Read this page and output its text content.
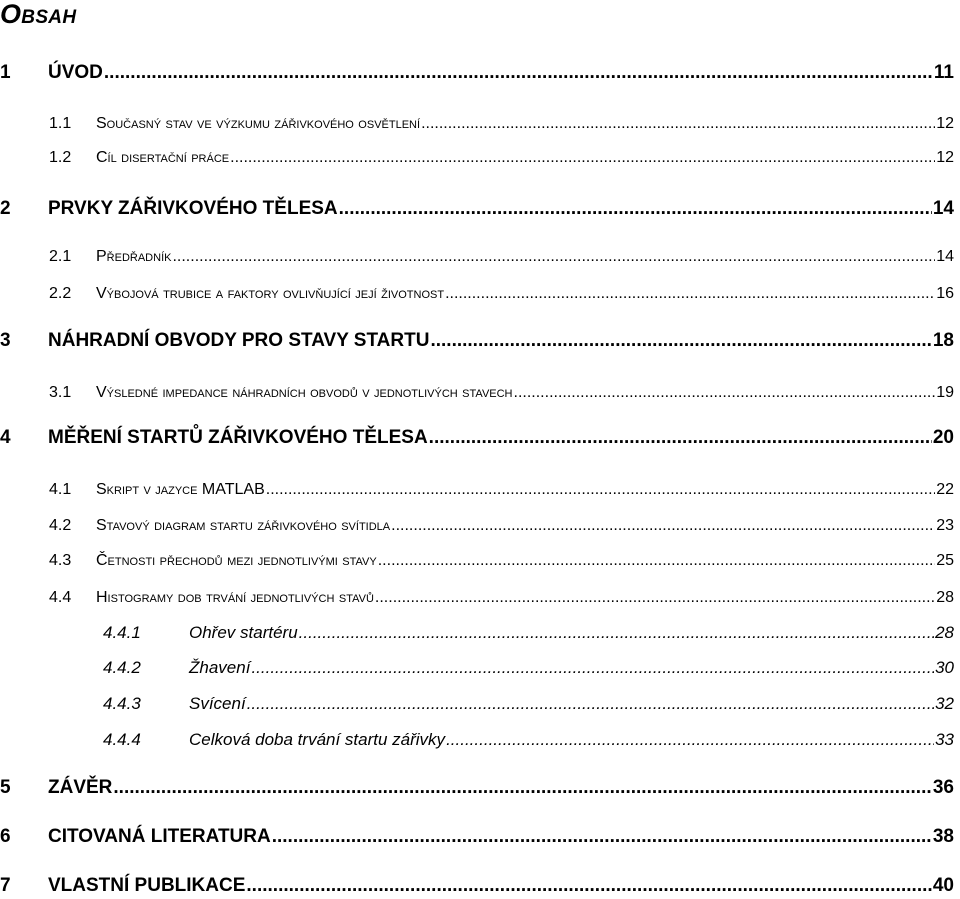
Obsah
1	ÚVOD .....	11
1.1	Současný stav ve výzkumu zářivkového osvětlení .....	12
1.2	Cíl disertační práce .....	12
2	PRVKY ZÁŘIVKOVÉHO TĚLESA .....	14
2.1	Předřadník .....	14
2.2	Výbojová trubice a faktory ovlivňující její životnost .....	16
3	NÁHRADNÍ OBVODY PRO STAVY STARTU .....	18
3.1	Výsledné impedance náhradních obvodů v jednotlivých stavech .....	19
4	MĚŘENÍ STARTŮ ZÁŘIVKOVÉHO TĚLESA .....	20
4.1	Skript v jazyce MATLAB .....	22
4.2	Stavový diagram startu zářivkového svítidla .....	23
4.3	Četnosti přechodů mezi jednotlivými stavy .....	25
4.4	Histogramy dob trvání jednotlivých stavů .....	28
4.4.1	Ohřev startéru .....	28
4.4.2	Žhavení .....	30
4.4.3	Svícení .....	32
4.4.4	Celková doba trvání startu zářivky .....	33
5	ZÁVĚR .....	36
6	CITOVANÁ LITERATURA .....	38
7	VLASTNÍ PUBLIKACE .....	40
